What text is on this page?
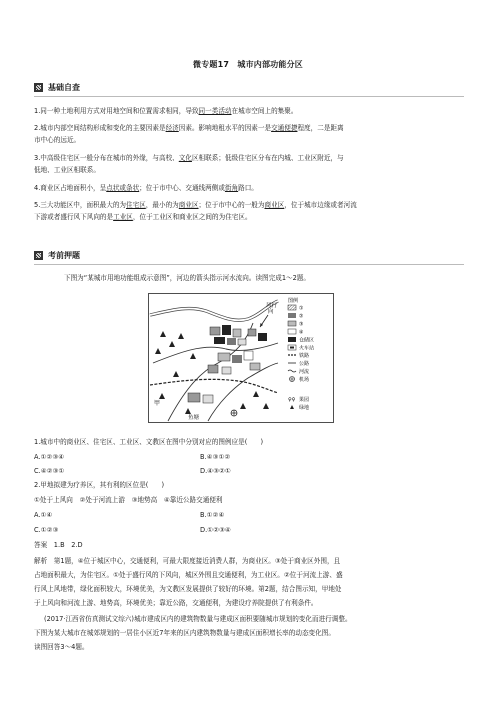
微专题17　城市内部功能分区
基础自查
1.同一种土地利用方式对用地空间和位置需求相同，导致同一类活动在城市空间上的集聚。
2.城市内部空间结构形成和变化的主要因素是经济因素。影响地租水平的因素一是交通便捷程度，二是距离
市中心的远近。
3.中高级住宅区一般分布在城市的外缘，与高校、文化区相联系；低级住宅区分布在内城、工业区附近，与
低地、工业区相联系。
4.商业区占地面积小，呈点状或条状；位于市中心、交通线两侧或街角路口。
5.三大功能区中，面积最大的为住宅区，最小的为商业区；位于市中心的一般为商业区，位于城市边缘或者河流
下游或者盛行风下风向的是工业区，位于工业区和商业区之间的为住宅区。
考前押题
下图为“某城市用地功能组成示意图”，河边的箭头指示河水流向。读图完成1～2题。
风行
向
甲
鱼塘
图例
①
②
③
④
仓储区
火车站
铁路
公路
河流
机场
♀♀ 果园
绿地
1.城市中的商业区、住宅区、工业区、文教区在图中分别对应的图例应是(　　)
A.①②③④	B.④③①②
C.④②③①	D.④③②①
2.甲地拟建为疗养区，其有利的区位是(　　)
①处于上风向　②处于河流上游　③地势高　④靠近公路交通便利
A.①④	B.①②④
C.①②③	D.①②③④
答案　1.B　2.D
解析　第1题，④位于城区中心，交通便利，可最大限度接近消费人群，为商业区。③处于商业区外围，且
占地面积最大，为住宅区。①处于盛行风的下风向，城区外围且交通便利，为工业区。②位于河流上游、盛
行风上风地带，绿化面积较大，环境优美，为文教区发展提供了较好的环境。第2题，结合图示知，甲地处
于上风向和河流上游、地势高，环境优美；靠近公路，交通便利，为建设疗养院提供了有利条件。
(2017·江西省仿真测试文综六)城市建成区内的建筑物数量与建成区面积要随城市规划的变化而进行调整。
下图为某大城市在城郊规划的一居住小区近7年来的区内建筑物数量与建成区面积增长率的动态变化图。
读图回答3～4题。
